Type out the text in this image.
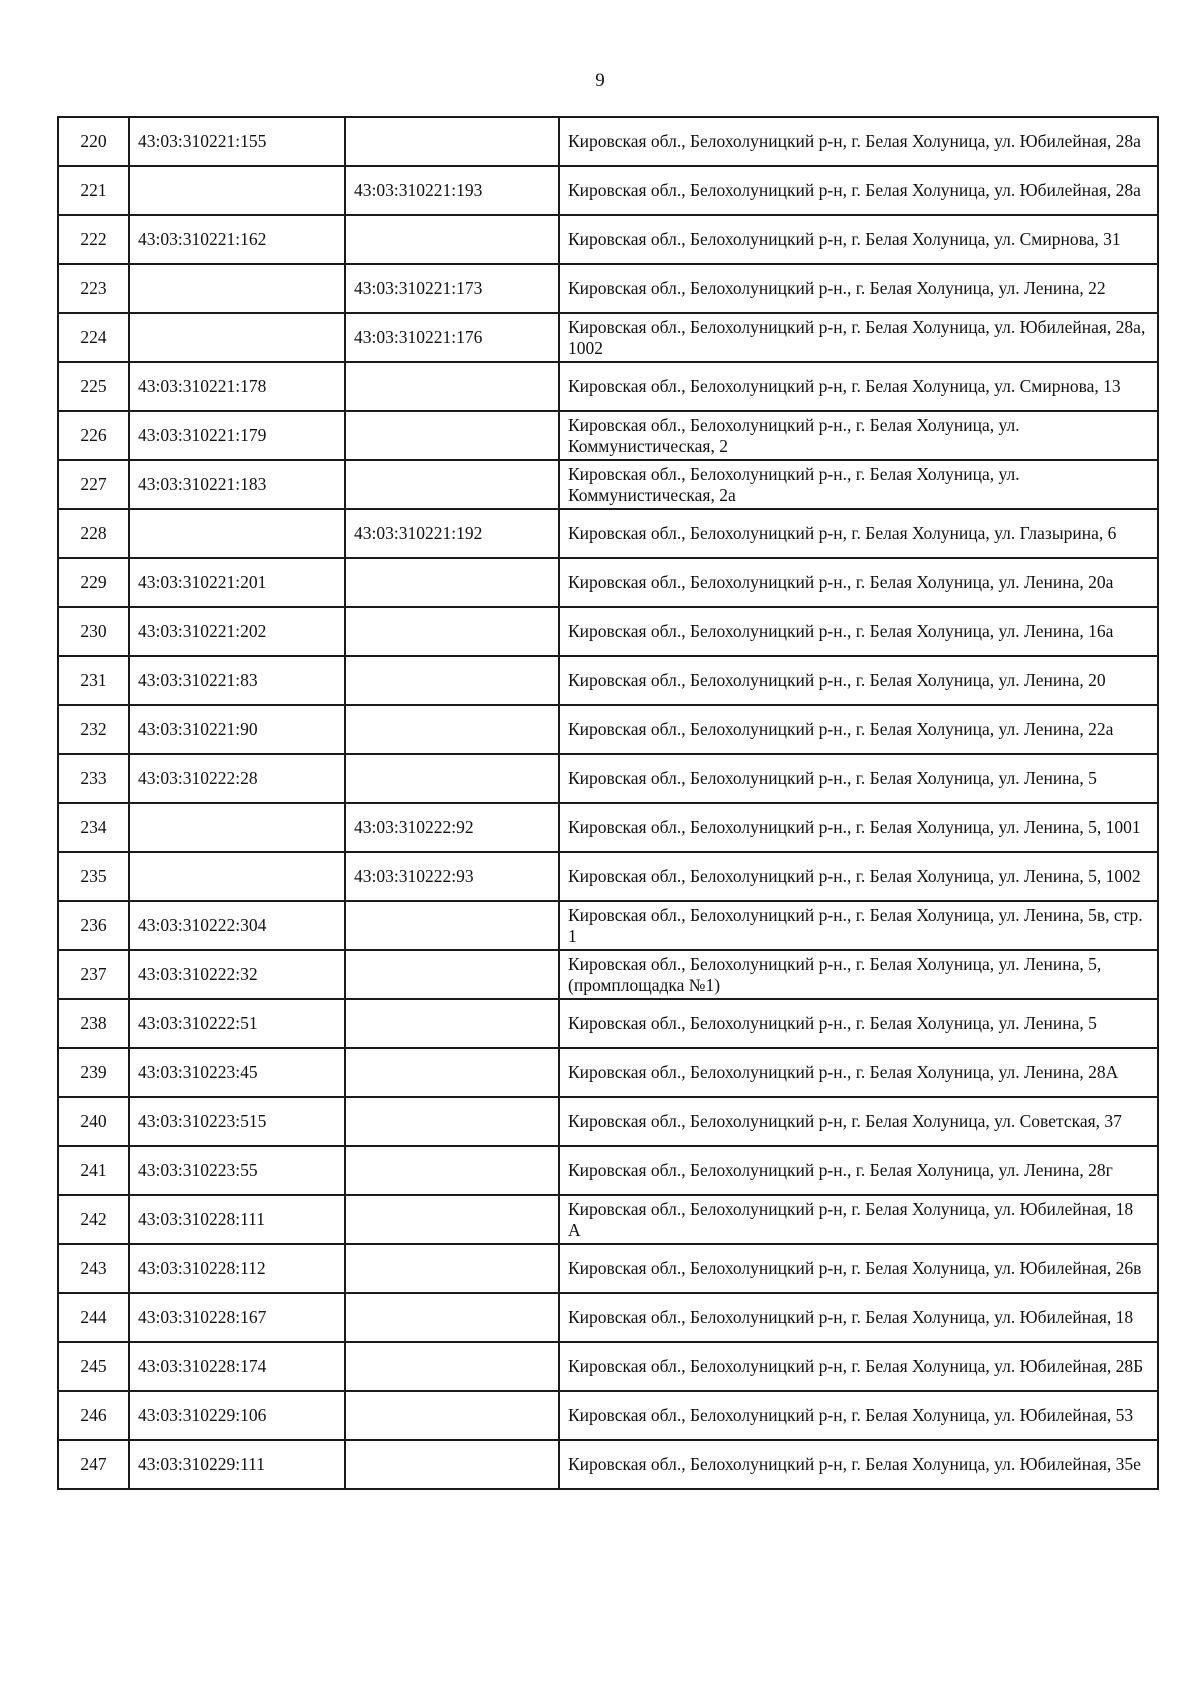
9
220	43:03:310221:155		Кировская обл., Белохолуницкий р-н, г. Белая Холуница, ул. Юбилейная, 28а
221		43:03:310221:193	Кировская обл., Белохолуницкий р-н, г. Белая Холуница, ул. Юбилейная, 28а
222	43:03:310221:162		Кировская обл., Белохолуницкий р-н, г. Белая Холуница, ул. Смирнова, 31
223		43:03:310221:173	Кировская обл., Белохолуницкий р-н., г. Белая Холуница, ул. Ленина, 22
224		43:03:310221:176	Кировская обл., Белохолуницкий р-н, г. Белая Холуница, ул. Юбилейная, 28а, 1002
225	43:03:310221:178		Кировская обл., Белохолуницкий р-н, г. Белая Холуница, ул. Смирнова, 13
226	43:03:310221:179		Кировская обл., Белохолуницкий р-н., г. Белая Холуница, ул. Коммунистическая, 2
227	43:03:310221:183		Кировская обл., Белохолуницкий р-н., г. Белая Холуница, ул. Коммунистическая, 2а
228		43:03:310221:192	Кировская обл., Белохолуницкий р-н, г. Белая Холуница, ул. Глазырина, 6
229	43:03:310221:201		Кировская обл., Белохолуницкий р-н., г. Белая Холуница, ул. Ленина, 20а
230	43:03:310221:202		Кировская обл., Белохолуницкий р-н., г. Белая Холуница, ул. Ленина, 16а
231	43:03:310221:83		Кировская обл., Белохолуницкий р-н., г. Белая Холуница, ул. Ленина, 20
232	43:03:310221:90		Кировская обл., Белохолуницкий р-н., г. Белая Холуница, ул. Ленина, 22а
233	43:03:310222:28		Кировская обл., Белохолуницкий р-н., г. Белая Холуница, ул. Ленина, 5
234		43:03:310222:92	Кировская обл., Белохолуницкий р-н., г. Белая Холуница, ул. Ленина, 5, 1001
235		43:03:310222:93	Кировская обл., Белохолуницкий р-н., г. Белая Холуница, ул. Ленина, 5, 1002
236	43:03:310222:304		Кировская обл., Белохолуницкий р-н., г. Белая Холуница, ул. Ленина, 5в, стр. 1
237	43:03:310222:32		Кировская обл., Белохолуницкий р-н., г. Белая Холуница, ул. Ленина, 5, (промплощадка №1)
238	43:03:310222:51		Кировская обл., Белохолуницкий р-н., г. Белая Холуница, ул. Ленина, 5
239	43:03:310223:45		Кировская обл., Белохолуницкий р-н., г. Белая Холуница, ул. Ленина, 28А
240	43:03:310223:515		Кировская обл., Белохолуницкий р-н, г. Белая Холуница, ул. Советская, 37
241	43:03:310223:55		Кировская обл., Белохолуницкий р-н., г. Белая Холуница, ул. Ленина, 28г
242	43:03:310228:111		Кировская обл., Белохолуницкий р-н, г. Белая Холуница, ул. Юбилейная, 18 А
243	43:03:310228:112		Кировская обл., Белохолуницкий р-н, г. Белая Холуница, ул. Юбилейная, 26в
244	43:03:310228:167		Кировская обл., Белохолуницкий р-н, г. Белая Холуница, ул. Юбилейная, 18
245	43:03:310228:174		Кировская обл., Белохолуницкий р-н, г. Белая Холуница, ул. Юбилейная, 28Б
246	43:03:310229:106		Кировская обл., Белохолуницкий р-н, г. Белая Холуница, ул. Юбилейная, 53
247	43:03:310229:111		Кировская обл., Белохолуницкий р-н, г. Белая Холуница, ул. Юбилейная, 35е
